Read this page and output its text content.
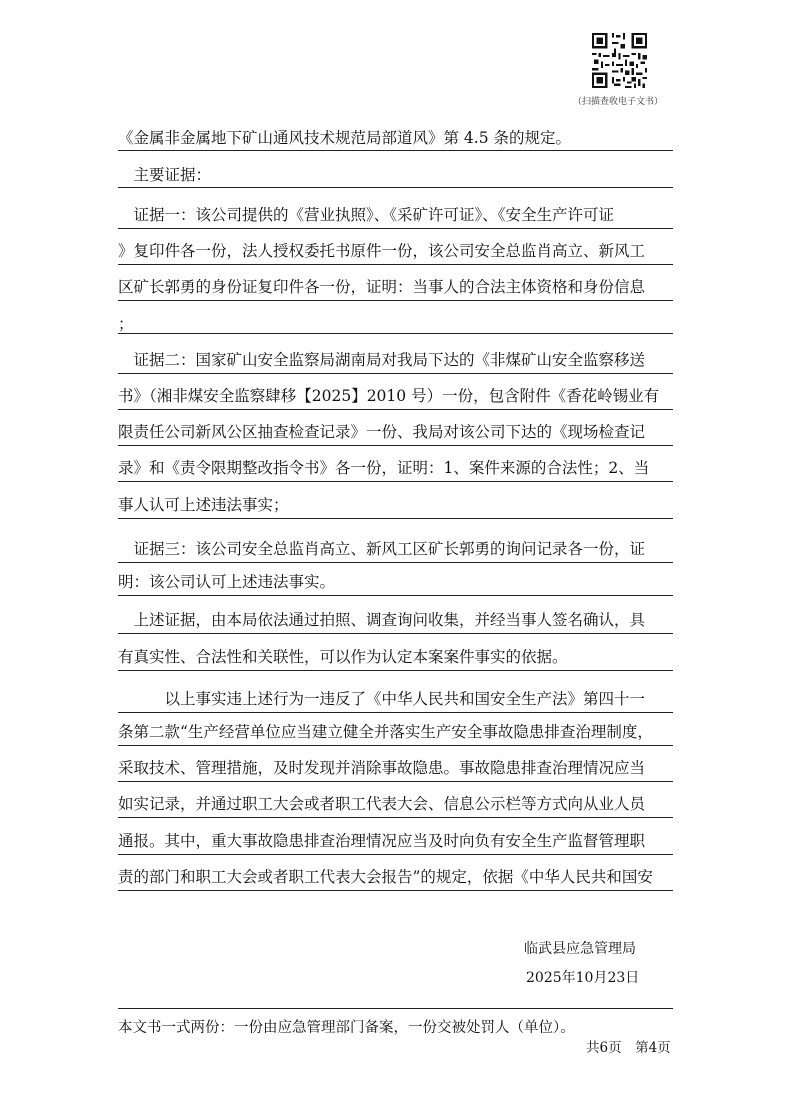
（扫描查收电子文书）
《金属非金属地下矿山通风技术规范局部道风》第 4.5 条的规定。
　主要证据：
　证据一：该公司提供的《营业执照》、《采矿许可证》、《安全生产许可证
》复印件各一份，法人授权委托书原件一份，该公司安全总监肖高立、新风工
区矿长郭勇的身份证复印件各一份，证明：当事人的合法主体资格和身份信息
；
　证据二：国家矿山安全监察局湖南局对我局下达的《非煤矿山安全监察移送
书》（湘非煤安全监察肆移【2025】2010 号）一份，包含附件《香花岭锡业有
限责任公司新风公区抽查检查记录》一份、我局对该公司下达的《现场检查记
录》和《责令限期整改指令书》各一份，证明：1、案件来源的合法性；2、当
事人认可上述违法事实；
　证据三：该公司安全总监肖高立、新风工区矿长郭勇的询问记录各一份，证
明：该公司认可上述违法事实。
　上述证据，由本局依法通过拍照、调查询问收集，并经当事人签名确认，具
有真实性、合法性和关联性，可以作为认定本案案件事实的依据。
　　　以上事实违上述行为一违反了《中华人民共和国安全生产法》第四十一
条第二款“生产经营单位应当建立健全并落实生产安全事故隐患排查治理制度，
采取技术、管理措施，及时发现并消除事故隐患。事故隐患排查治理情况应当
如实记录，并通过职工大会或者职工代表大会、信息公示栏等方式向从业人员
通报。其中，重大事故隐患排查治理情况应当及时向负有安全生产监督管理职
责的部门和职工大会或者职工代表大会报告”的规定，依据《中华人民共和国安
临武县应急管理局
2025年10月23日
本文书一式两份：一份由应急管理部门备案，一份交被处罚人（单位）。
共6页　第4页
